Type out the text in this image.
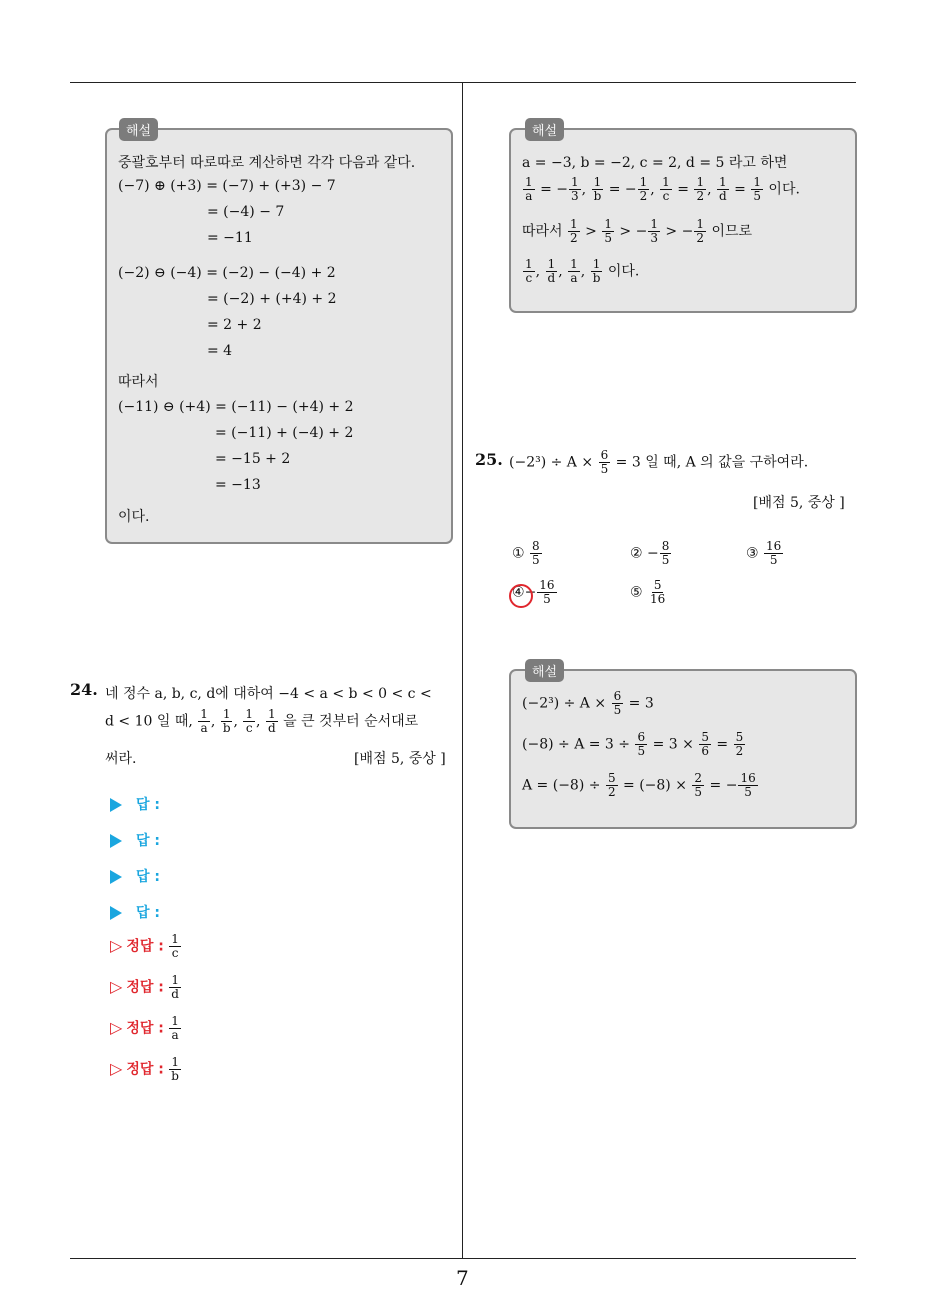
해설
중괄호부터 따로따로 계산하면 각각 다음과 같다.
(−7) ⊕ (+3) = (−7) + (+3) − 7
= (−4) − 7
= −11
(−2) ⊖ (−4) = (−2) − (−4) + 2
= (−2) + (+4) + 2
= 2 + 2
= 4
따라서
(−11) ⊖ (+4) = (−11) − (+4) + 2
= (−11) + (−4) + 2
= −15 + 2
= −13
이다.
해설
a = −3, b = −2, c = 2, d = 5 라고 하면
$\frac{1}{a}$ = − $\frac{1}{3}$ , $\frac{1}{b}$ = − $\frac{1}{2}$ , $\frac{1}{c} = \frac{1}{2}$ , $\frac{1}{d} = \frac{1}{5}$ 이다.
따라서 $\frac{1}{2} > \frac{1}{5}$ > − $\frac{1}{3}$ > − $\frac{1}{2}$ 이므로
$\frac{1}{c}$ , $\frac{1}{d}$ , $\frac{1}{a}$ , $\frac{1}{b}$ 이다.
24. 네 정수 a, b, c, d에 대하여 −4 < a < b < 0 < c <
d < 10 일 때, $\frac{1}{a}$ , $\frac{1}{b}$ , $\frac{1}{c}$ , $\frac{1}{d}$ 을 큰 것부터 순서대로
써라.	[배점 5, 중상 ]
답 :
답 :
답 :
답 :
▷ 정답 : $\frac{1}{c}$
▷ 정답 : $\frac{1}{d}$
▷ 정답 : $\frac{1}{a}$
▷ 정답 : $\frac{1}{b}$
25. $(-2^3) \div A \times \frac{6}{5} = 3$ 일 때, A 의 값을 구하여라.
[배점 5, 중상 ]
① $\frac{8}{5}$	② − $\frac{8}{5}$	③ $\frac{16}{5}$
④− $\frac{16}{5}$	⑤ $\frac{5}{16}$
해설
$(-2^3) \div A \times \frac{6}{5} = 3$
$(-8) \div A = 3 \div \frac{6}{5} = 3 \times \frac{5}{6} = \frac{5}{2}$
$A = (-8) \div \frac{5}{2} = (-8) \times \frac{2}{5}$ = − $\frac{16}{5}$
7
